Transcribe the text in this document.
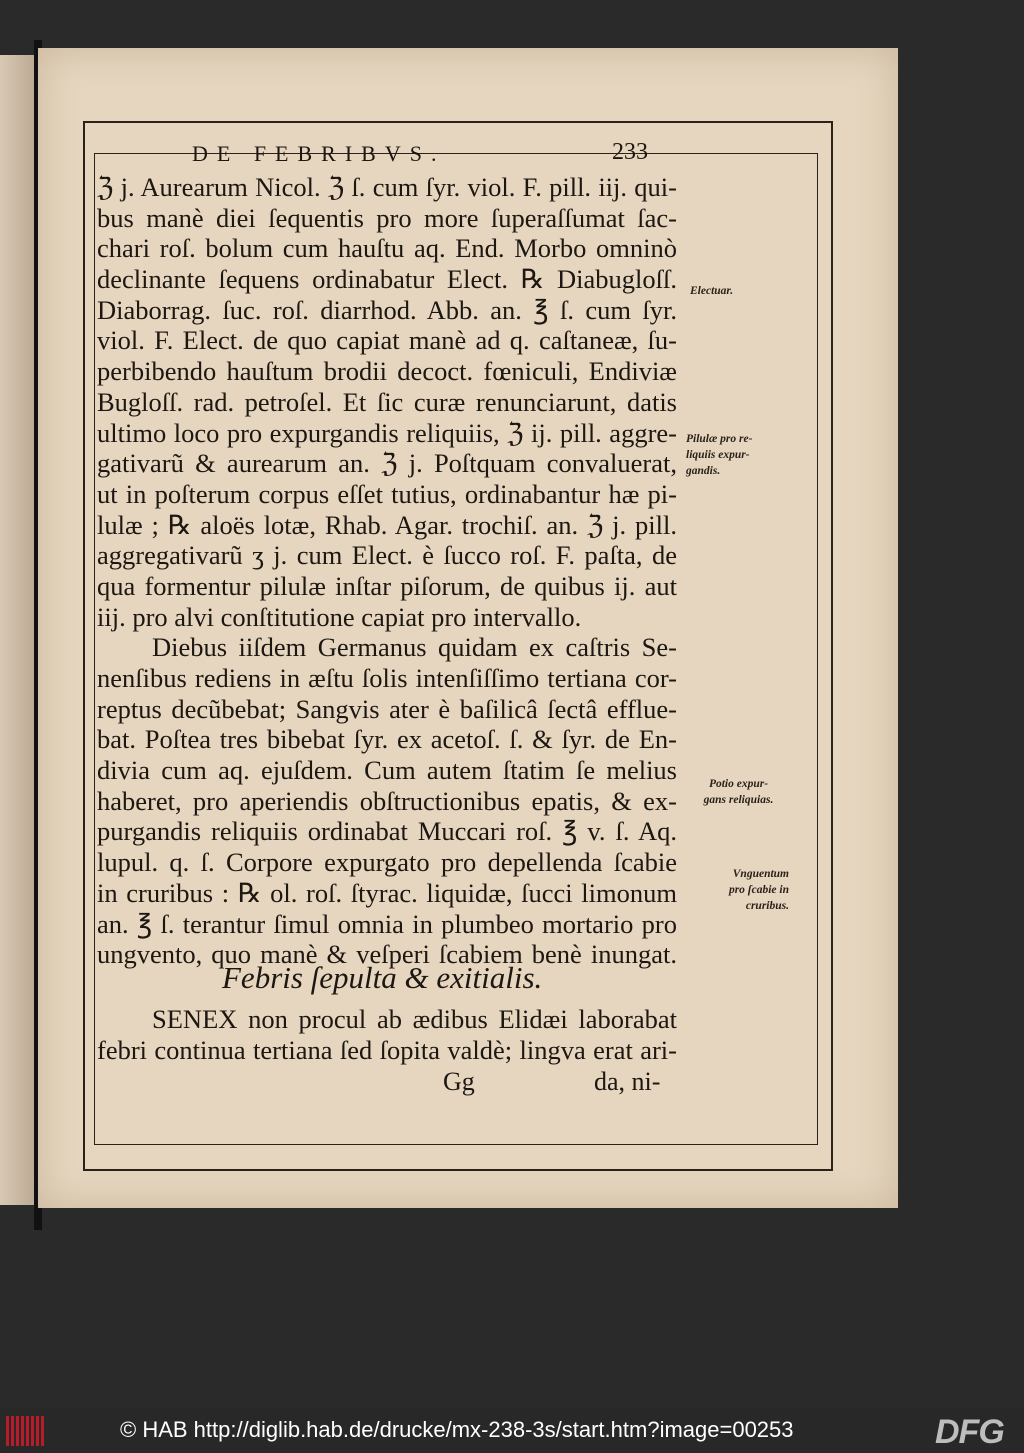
DE FEBRIBVS.	233
ℨ j. Aurearum Nicol. ℨ ſ. cum ſyr. viol. F. pill. iij. qui-
bus manè diei ſequentis pro more ſuperaſſumat ſac-
chari roſ. bolum cum hauſtu aq. End. Morbo omninò
declinante ſequens ordinabatur Elect. ℞ Diabugloſſ.
Diaborrag. ſuc. roſ. diarrhod. Abb. an. ℥ ſ. cum ſyr.
viol. F. Elect. de quo capiat manè ad q. caſtaneæ, ſu-
perbibendo hauſtum brodii decoct. fœniculi, Endiviæ
Bugloſſ. rad. petroſel. Et ſic curæ renunciarunt, datis
ultimo loco pro expurgandis reliquiis, ℨ ij. pill. aggre-
gativarũ & aurearum an. ℨ j. Poſtquam convaluerat,
ut in poſterum corpus eſſet tutius, ordinabantur hæ pi-
lulæ ; ℞ aloës lotæ, Rhab. Agar. trochiſ. an. ℨ j. pill.
aggregativarũ ʒ j. cum Elect. è ſucco roſ. F. paſta, de
qua formentur pilulæ inſtar piſorum, de quibus ij. aut
iij. pro alvi conſtitutione capiat pro intervallo.
Diebus iiſdem Germanus quidam ex caſtris Se-
nenſibus rediens in æſtu ſolis intenſiſſimo tertiana cor-
reptus decũbebat; Sangvis ater è baſilicâ ſectâ efflue-
bat. Poſtea tres bibebat ſyr. ex acetoſ. ſ. & ſyr. de En-
divia cum aq. ejuſdem. Cum autem ſtatim ſe melius
haberet, pro aperiendis obſtructionibus epatis, & ex-
purgandis reliquiis ordinabat Muccari roſ. ℥ v. ſ. Aq.
lupul. q. ſ. Corpore expurgato pro depellenda ſcabie
in cruribus : ℞ ol. roſ. ſtyrac. liquidæ, ſucci limonum
an. ℥ ſ. terantur ſimul omnia in plumbeo mortario pro
ungvento, quo manè & veſperi ſcabiem benè inungat.
Febris ſepulta & exitialis.
SENEX non procul ab ædibus Elidæi laborabat
febri continua tertiana ſed ſopita valdè; lingva erat ari-
Gg	da, ni-
Electuar.
Pilulæ pro re-
liquiis expur-
gandis.
Potio expur-
gans reliquias.
Vnguentum
pro ſcabie in
cruribus.
© HAB http://diglib.hab.de/drucke/mx-238-3s/start.htm?image=00253	DFG
